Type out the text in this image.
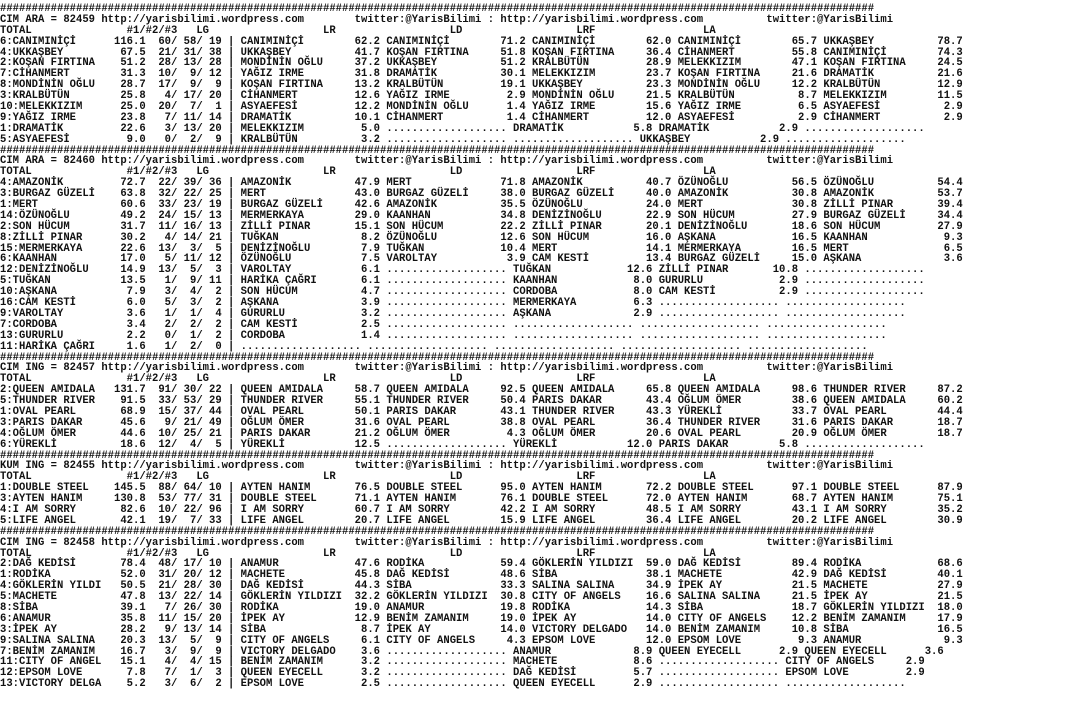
##########################################################################################################################################
CIM ARA = 82459 http://yarisbilimi.wordpress.com        twitter:@YarisBilimi : http://yarisbilimi.wordpress.com          twitter:@YarisBilimi
TOTAL               #1/#2/#3   LG                  LR                  LD                  LRF                 LA
6:CANIMINİÇİ      116.1  60/ 58/ 19 | CANIMINİÇİ        62.2 CANIMINİÇİ        71.2 CANIMINİÇİ        62.0 CANIMINİÇİ        65.7 UKKAŞBEY          78.7
4:UKKAŞBEY         67.5  21/ 31/ 38 | UKKAŞBEY          41.7 KOŞAN FIRTINA     51.8 KOŞAN FIRTINA     36.4 CİHANMERT         55.8 CANIMINİÇİ        74.3
2:KOŞAN FIRTINA    51.2  28/ 13/ 28 | MONDİNİN OĞLU     37.2 UKKAŞBEY          51.2 KRALBÜTÜN         28.9 MELEKKIZIM        47.1 KOŞAN FIRTINA     24.5
7:CİHANMERT        31.3  10/  9/ 12 | YAĞIZ IRME        31.8 DRAMATİK          30.1 MELEKKIZIM        23.7 KOŞAN FIRTINA     21.6 DRAMATİK          21.6
8:MONDİNİN OĞLU    28.7  17/  9/  9 | KOŞAN FIRTINA     13.2 KRALBÜTÜN         19.1 UKKAŞBEY          23.3 MONDİNİN OĞLU     12.2 KRALBÜTÜN         12.9
3:KRALBÜTÜN        25.8   4/ 17/ 20 | CİHANMERT         12.6 YAĞIZ IRME         2.9 MONDİNİN OĞLU     21.5 KRALBÜTÜN          8.7 MELEKKIZIM        11.5
10:MELEKKIZIM      25.0  20/  7/  1 | ASYAEFESİ         12.2 MONDİNİN OĞLU      1.4 YAĞIZ IRME        15.6 YAĞIZ IRME         6.5 ASYAEFESİ          2.9
9:YAĞIZ IRME       23.8   7/ 11/ 14 | DRAMATİK          10.1 CİHANMERT          1.4 CİHANMERT         12.0 ASYAEFESİ          2.9 CİHANMERT          2.9
1:DRAMATİK         22.6   3/ 13/ 20 | MELEKKIZIM         5.0 ................... DRAMATİK           5.8 DRAMATİK           2.9 ...................
5:ASYAEFESİ         9.0   0/  2/  9 | KRALBÜTÜN          3.2 ................... ................... UKKAŞBEY           2.9 ...................
##########################################################################################################################################
CIM ARA = 82460 http://yarisbilimi.wordpress.com        twitter:@YarisBilimi : http://yarisbilimi.wordpress.com          twitter:@YarisBilimi
TOTAL               #1/#2/#3   LG                  LR                  LD                  LRF                 LA
4:AMAZONİK         72.7  22/ 39/ 36 | AMAZONİK          47.9 MERT              71.8 AMAZONİK          40.7 ÖZÜNOĞLU          56.5 ÖZÜNOĞLU          54.4
3:BURGAZ GÜZELİ    63.8  32/ 22/ 25 | MERT              43.0 BURGAZ GÜZELİ     38.0 BURGAZ GÜZELİ     40.0 AMAZONİK          30.8 AMAZONİK          53.7
1:MERT             60.6  33/ 23/ 19 | BURGAZ GÜZELİ     42.6 AMAZONİK          35.5 ÖZÜNOĞLU          24.0 MERT              30.8 ZİLLİ PINAR       39.4
14:ÖZÜNOĞLU        49.2  24/ 15/ 13 | MERMERKAYA        29.0 KAANHAN           34.8 DENİZİNOĞLU       22.9 SON HÜCUM         27.9 BURGAZ GÜZELİ     34.4
2:SON HÜCUM        31.7  11/ 16/ 13 | ZİLLİ PINAR       15.1 SON HÜCUM         22.2 ZİLLİ PINAR       20.1 DENİZİNOĞLU       18.6 SON HÜCUM         27.9
8:ZİLLİ PINAR      30.2   4/ 14/ 21 | TUĞKAN             8.2 ÖZÜNOĞLU          12.6 SON HÜCUM         16.0 AŞKANA            16.5 KAANHAN            9.3
15:MERMERKAYA      22.6  13/  3/  5 | DENİZİNOĞLU        7.9 TUĞKAN            10.4 MERT              14.1 MERMERKAYA        16.5 MERT               6.5
6:KAANHAN          17.0   5/ 11/ 12 | ÖZÜNOĞLU           7.5 VAROLTAY           3.9 CAM KESTİ         13.4 BURGAZ GÜZELİ     15.0 AŞKANA             3.6
12:DENİZİNOĞLU     14.9  13/  5/  3 | VAROLTAY           6.1 ................... TUĞKAN            12.6 ZİLLİ PINAR       10.8 ...................
5:TUĞKAN           13.5   1/  9/ 11 | HARİKA ÇAĞRI       6.1 ................... KAANHAN            8.0 GURURLU            2.9 ...................
10:AŞKANA           7.9   3/  4/  2 | SON HÜCUM          4.7 ................... CORDOBA            8.0 CAM KESTİ          2.9 ...................
16:CAM KESTİ        6.0   5/  3/  2 | AŞKANA             3.9 ................... MERMERKAYA         6.3 ................... ...................
9:VAROLTAY          3.6   1/  1/  4 | GURURLU            3.2 ................... AŞKANA             2.9 ................... ...................
7:CORDOBA           3.4   2/  2/  2 | CAM KESTİ          2.5 ................... ................... ................... ...................
13:GURURLU          2.2   0/  1/  2 | CORDOBA            1.4 ................... ................... ................... ...................
11:HARİKA ÇAĞRI     1.6   1/  2/  0 | ................... ................... ................... ................... ...................
##########################################################################################################################################
CIM ING = 82457 http://yarisbilimi.wordpress.com        twitter:@YarisBilimi : http://yarisbilimi.wordpress.com          twitter:@YarisBilimi
TOTAL               #1/#2/#3   LG                  LR                  LD                  LRF                 LA
2:QUEEN AMIDALA   131.7  91/ 30/ 22 | QUEEN AMIDALA     58.7 QUEEN AMIDALA     92.5 QUEEN AMIDALA     65.8 QUEEN AMIDALA     98.6 THUNDER RIVER     87.2
5:THUNDER RIVER    91.5  33/ 53/ 29 | THUNDER RIVER     55.1 THUNDER RIVER     50.4 PARIS DAKAR       43.4 OĞLUM ÖMER        38.6 QUEEN AMIDALA     60.2
1:OVAL PEARL       68.9  15/ 37/ 44 | OVAL PEARL        50.1 PARIS DAKAR       43.1 THUNDER RIVER     43.3 YÜREKLİ           33.7 OVAL PEARL        44.4
3:PARIS DAKAR      45.6   9/ 21/ 49 | OĞLUM ÖMER        31.6 OVAL PEARL        38.8 OVAL PEARL        36.4 THUNDER RIVER     31.6 PARIS DAKAR       18.7
4:OĞLUM ÖMER       44.6  10/ 25/ 21 | PARIS DAKAR       21.2 OĞLUM ÖMER         4.3 OĞLUM ÖMER        20.6 OVAL PEARL        20.9 OĞLUM ÖMER        18.7
6:YÜREKLİ          18.6  12/  4/  5 | YÜREKLİ           12.5 ................... YÜREKLİ           12.0 PARIS DAKAR        5.8 ...................
##########################################################################################################################################
KUM ING = 82455 http://yarisbilimi.wordpress.com        twitter:@YarisBilimi : http://yarisbilimi.wordpress.com          twitter:@YarisBilimi
TOTAL               #1/#2/#3   LG                  LR                  LD                  LRF                 LA
1:DOUBLE STEEL    145.5  88/ 64/ 10 | AYTEN HANIM       76.5 DOUBLE STEEL      95.0 AYTEN HANIM       72.2 DOUBLE STEEL      97.1 DOUBLE STEEL      87.9
3:AYTEN HANIM     130.8  53/ 77/ 31 | DOUBLE STEEL      71.1 AYTEN HANIM       76.1 DOUBLE STEEL      72.0 AYTEN HANIM       68.7 AYTEN HANIM       75.1
4:I AM SORRY       82.6  10/ 22/ 96 | I AM SORRY        60.7 I AM SORRY        42.2 I AM SORRY        48.5 I AM SORRY        43.1 I AM SORRY        35.2
5:LIFE ANGEL       42.1  19/  7/ 33 | LIFE ANGEL        20.7 LIFE ANGEL        15.9 LIFE ANGEL        36.4 LIFE ANGEL        20.2 LIFE ANGEL        30.9
##########################################################################################################################################
CIM ING = 82458 http://yarisbilimi.wordpress.com        twitter:@YarisBilimi : http://yarisbilimi.wordpress.com          twitter:@YarisBilimi
TOTAL               #1/#2/#3   LG                  LR                  LD                  LRF                 LA
2:DAĞ KEDİSİ       78.4  48/ 17/ 10 | ANAMUR            47.6 RODİKA            59.4 GÖKLERİN YILDIZI  59.0 DAĞ KEDİSİ        89.4 RODİKA            68.6
1:RODİKA           52.0  31/ 20/ 12 | MACHETE           45.8 DAĞ KEDİSİ        48.6 SİBA              38.1 MACHETE           42.9 DAĞ KEDİSİ        40.1
4:GÖKLERİN YILDI   50.5  21/ 28/ 30 | DAĞ KEDİSİ        44.3 SİBA              33.3 SALINA SALINA     34.9 İPEK AY           21.5 MACHETE           27.9
5:MACHETE          47.8  13/ 22/ 14 | GÖKLERİN YILDIZI  32.2 GÖKLERİN YILDIZI  30.8 CITY OF ANGELS    16.6 SALINA SALINA     21.5 İPEK AY           21.5
8:SİBA             39.1   7/ 26/ 30 | RODİKA            19.0 ANAMUR            19.8 RODİKA            14.3 SİBA              18.7 GÖKLERİN YILDIZI  18.0
6:ANAMUR           35.8  11/ 15/ 20 | İPEK AY           12.9 BENİM ZAMANIM     19.0 İPEK AY           14.0 CITY OF ANGELS    12.2 BENİM ZAMANIM     17.9
3:İPEK AY          28.2   9/ 13/ 14 | SİBA               8.7 İPEK AY           14.0 VICTORY DELGADO   14.0 BENİM ZAMANIM     10.8 SİBA              16.5
9:SALINA SALINA    20.3  13/  5/  9 | CITY OF ANGELS     6.1 CITY OF ANGELS     4.3 EPSOM LOVE        12.0 EPSOM LOVE         9.3 ANAMUR             9.3
7:BENİM ZAMANIM    16.7   3/  9/  9 | VICTORY DELGADO    3.6 ................... ANAMUR             8.9 QUEEN EYECELL      2.9 QUEEN EYECELL      3.6
11:CITY OF ANGEL   15.1   4/  4/ 15 | BENİM ZAMANIM      3.2 ................... MACHETE            8.6 ................... CITY OF ANGELS     2.9
12:EPSOM LOVE       7.8   7/  1/  3 | QUEEN EYECELL      3.2 ................... DAĞ KEDİSİ         5.7 ................... EPSOM LOVE         2.9
13:VICTORY DELGA    5.2   3/  6/  2 | EPSOM LOVE         2.5 ................... QUEEN EYECELL      2.9 ................... ...................
